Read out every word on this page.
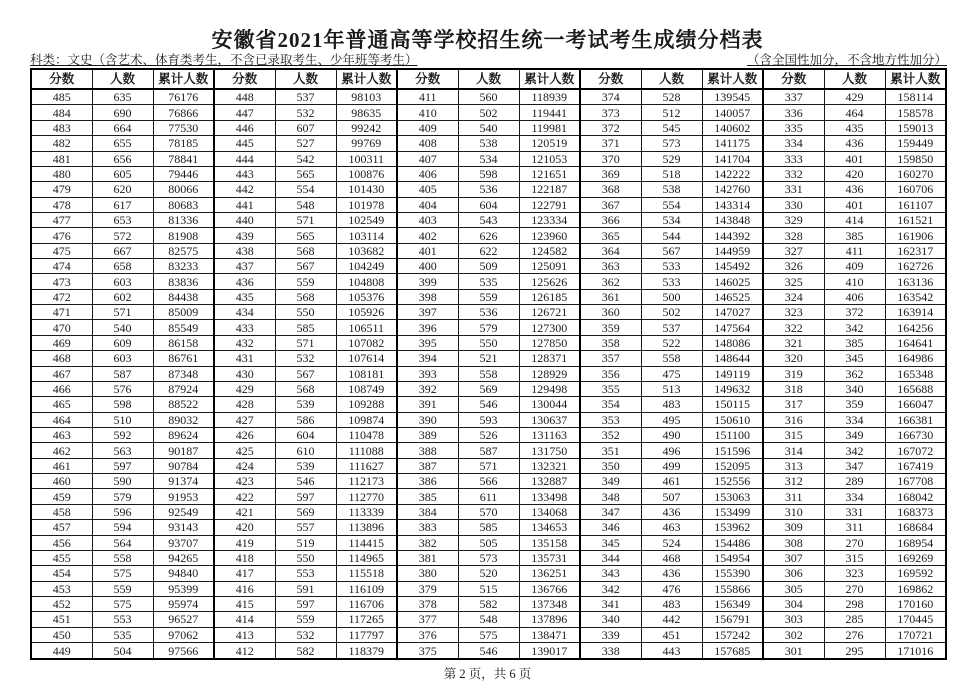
安徽省2021年普通高等学校招生统一考试考生成绩分档表
科类：文史（含艺术、体育类考生，不含已录取考生、少年班等考生）	（含全国性加分，不含地方性加分）
分数	人数	累计人数	分数	人数	累计人数	分数	人数	累计人数	分数	人数	累计人数	分数	人数	累计人数
485	635	76176	448	537	98103	411	560	118939	374	528	139545	337	429	158114
484	690	76866	447	532	98635	410	502	119441	373	512	140057	336	464	158578
483	664	77530	446	607	99242	409	540	119981	372	545	140602	335	435	159013
482	655	78185	445	527	99769	408	538	120519	371	573	141175	334	436	159449
481	656	78841	444	542	100311	407	534	121053	370	529	141704	333	401	159850
480	605	79446	443	565	100876	406	598	121651	369	518	142222	332	420	160270
479	620	80066	442	554	101430	405	536	122187	368	538	142760	331	436	160706
478	617	80683	441	548	101978	404	604	122791	367	554	143314	330	401	161107
477	653	81336	440	571	102549	403	543	123334	366	534	143848	329	414	161521
476	572	81908	439	565	103114	402	626	123960	365	544	144392	328	385	161906
475	667	82575	438	568	103682	401	622	124582	364	567	144959	327	411	162317
474	658	83233	437	567	104249	400	509	125091	363	533	145492	326	409	162726
473	603	83836	436	559	104808	399	535	125626	362	533	146025	325	410	163136
472	602	84438	435	568	105376	398	559	126185	361	500	146525	324	406	163542
471	571	85009	434	550	105926	397	536	126721	360	502	147027	323	372	163914
470	540	85549	433	585	106511	396	579	127300	359	537	147564	322	342	164256
469	609	86158	432	571	107082	395	550	127850	358	522	148086	321	385	164641
468	603	86761	431	532	107614	394	521	128371	357	558	148644	320	345	164986
467	587	87348	430	567	108181	393	558	128929	356	475	149119	319	362	165348
466	576	87924	429	568	108749	392	569	129498	355	513	149632	318	340	165688
465	598	88522	428	539	109288	391	546	130044	354	483	150115	317	359	166047
464	510	89032	427	586	109874	390	593	130637	353	495	150610	316	334	166381
463	592	89624	426	604	110478	389	526	131163	352	490	151100	315	349	166730
462	563	90187	425	610	111088	388	587	131750	351	496	151596	314	342	167072
461	597	90784	424	539	111627	387	571	132321	350	499	152095	313	347	167419
460	590	91374	423	546	112173	386	566	132887	349	461	152556	312	289	167708
459	579	91953	422	597	112770	385	611	133498	348	507	153063	311	334	168042
458	596	92549	421	569	113339	384	570	134068	347	436	153499	310	331	168373
457	594	93143	420	557	113896	383	585	134653	346	463	153962	309	311	168684
456	564	93707	419	519	114415	382	505	135158	345	524	154486	308	270	168954
455	558	94265	418	550	114965	381	573	135731	344	468	154954	307	315	169269
454	575	94840	417	553	115518	380	520	136251	343	436	155390	306	323	169592
453	559	95399	416	591	116109	379	515	136766	342	476	155866	305	270	169862
452	575	95974	415	597	116706	378	582	137348	341	483	156349	304	298	170160
451	553	96527	414	559	117265	377	548	137896	340	442	156791	303	285	170445
450	535	97062	413	532	117797	376	575	138471	339	451	157242	302	276	170721
449	504	97566	412	582	118379	375	546	139017	338	443	157685	301	295	171016
第 2 页，共 6 页
